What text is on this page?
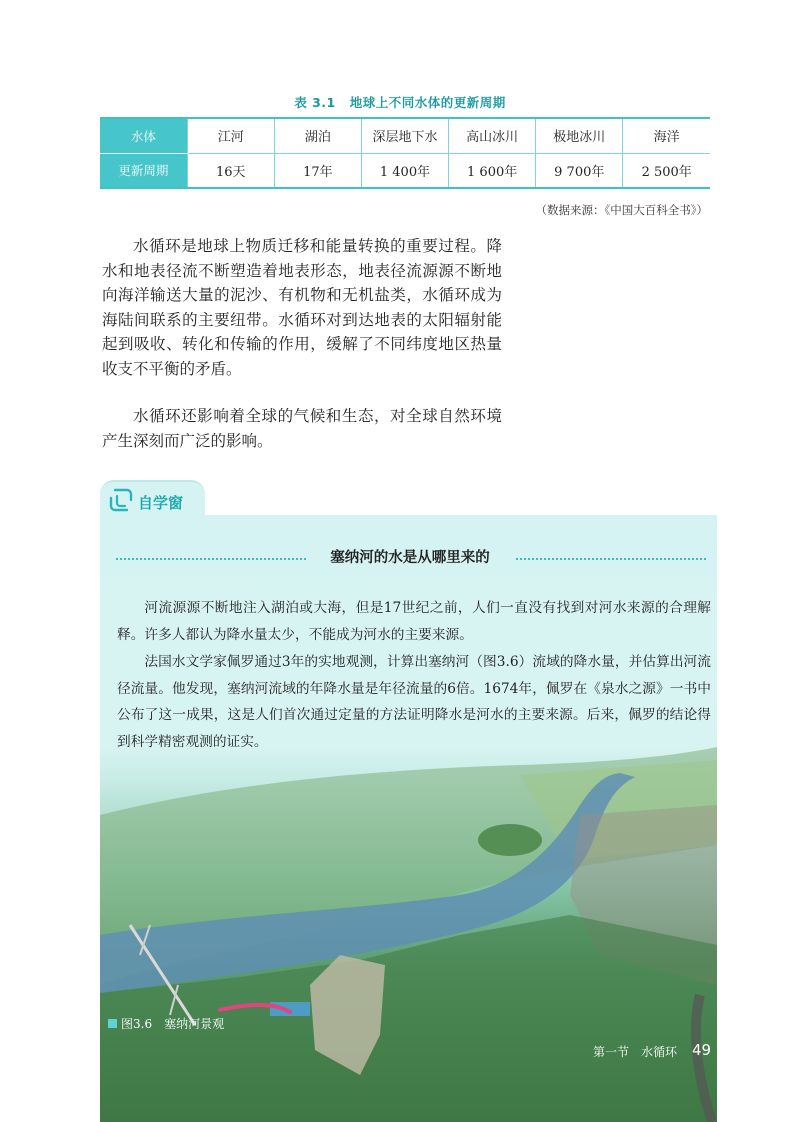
表 3.1 地球上不同水体的更新周期
水体	江河	湖泊	深层地下水	高山冰川	极地冰川	海洋
更新周期	16天	17年	1 400年	1 600年	9 700年	2 500年
（数据来源：《中国大百科全书》）

水循环是地球上物质迁移和能量转换的重要过程。降水和地表径流不断塑造着地表形态，地表径流源源不断地向海洋输送大量的泥沙、有机物和无机盐类，水循环成为海陆间联系的主要纽带。水循环对到达地表的太阳辐射能起到吸收、转化和传输的作用，缓解了不同纬度地区热量收支不平衡的矛盾。

水循环还影响着全球的气候和生态，对全球自然环境产生深刻而广泛的影响。

自学窗
塞纳河的水是从哪里来的

河流源源不断地注入湖泊或大海，但是17世纪之前，人们一直没有找到对河水来源的合理解释。许多人都认为降水量太少，不能成为河水的主要来源。

法国水文学家佩罗通过3年的实地观测，计算出塞纳河（图3.6）流域的降水量，并估算出河流径流量。他发现，塞纳河流域的年降水量是年径流量的6倍。1674年，佩罗在《泉水之源》一书中公布了这一成果，这是人们首次通过定量的方法证明降水是河水的主要来源。后来，佩罗的结论得到科学精密观测的证实。

图3.6　塞纳河景观
第一节　水循环 49
